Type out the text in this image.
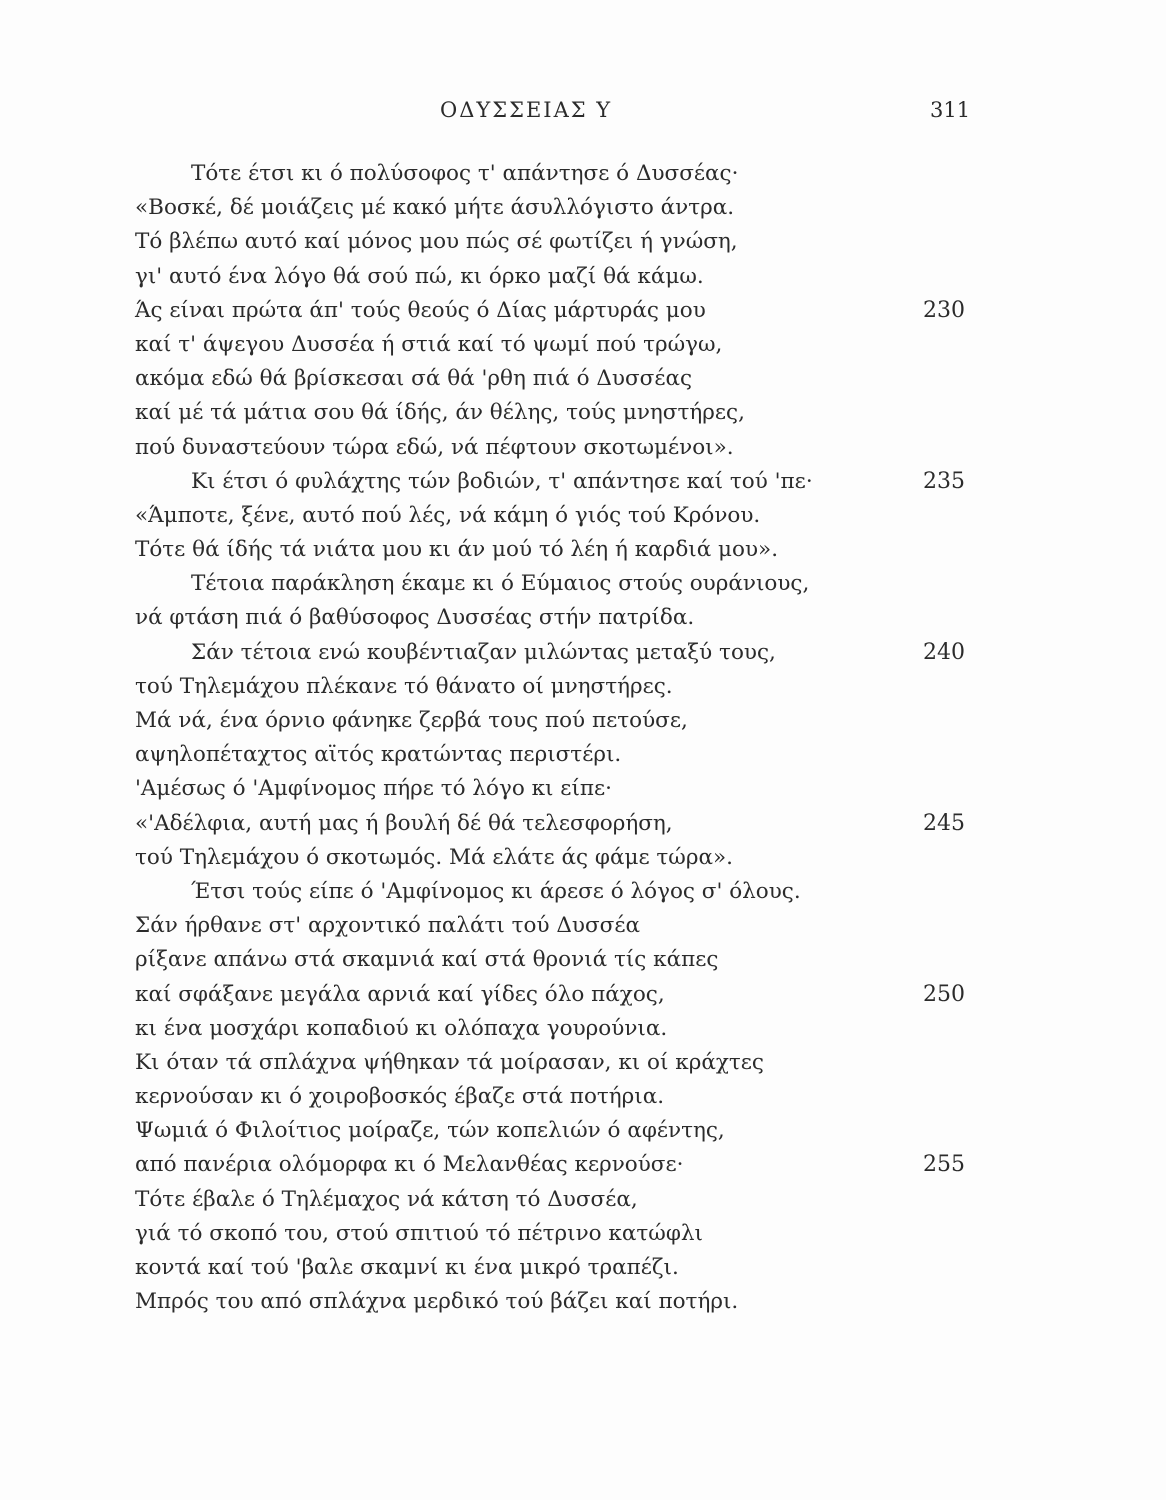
ΟΔΥΣΣΕΙΑΣ Υ	311
Τότε έτσι κι ό πολύσοφος τ' απάντησε ό Δυσσέας·
«Βοσκέ, δέ μοιάζεις μέ κακό μήτε άσυλλόγιστο άντρα.
Τό βλέπω αυτό καί μόνος μου πώς σέ φωτίζει ή γνώση,
γι' αυτό ένα λόγο θά σού πώ, κι όρκο μαζί θά κάμω.
Άς είναι πρώτα άπ' τούς θεούς ό Δίας μάρτυράς μου	230
καί τ' άψεγου Δυσσέα ή στιά καί τό ψωμί πού τρώγω,
ακόμα εδώ θά βρίσκεσαι σά θά 'ρθη πιά ό Δυσσέας
καί μέ τά μάτια σου θά ίδής, άν θέλης, τούς μνηστήρες,
πού δυναστεύουν τώρα εδώ, νά πέφτουν σκοτωμένοι».
Κι έτσι ό φυλάχτης τών βοδιών, τ' απάντησε καί τού 'πε·	235
«Άμποτε, ξένε, αυτό πού λές, νά κάμη ό γιός τού Κρόνου.
Τότε θά ίδής τά νιάτα μου κι άν μού τό λέη ή καρδιά μου».
Τέτοια παράκληση έκαμε κι ό Εύμαιος στούς ουράνιους,
νά φτάση πιά ό βαθύσοφος Δυσσέας στήν πατρίδα.
Σάν τέτοια ενώ κουβέντιαζαν μιλώντας μεταξύ τους,	240
τού Τηλεμάχου πλέκανε τό θάνατο οί μνηστήρες.
Μά νά, ένα όρνιο φάνηκε ζερβά τους πού πετούσε,
αψηλοπέταχτος αϊτός κρατώντας περιστέρι.
'Αμέσως ό 'Αμφίνομος πήρε τό λόγο κι είπε·
«'Αδέλφια, αυτή μας ή βουλή δέ θά τελεσφορήση,	245
τού Τηλεμάχου ό σκοτωμός. Μά ελάτε άς φάμε τώρα».
Έτσι τούς είπε ό 'Αμφίνομος κι άρεσε ό λόγος σ' όλους.
Σάν ήρθανε στ' αρχοντικό παλάτι τού Δυσσέα
ρίξανε απάνω στά σκαμνιά καί στά θρονιά τίς κάπες
καί σφάξανε μεγάλα αρνιά καί γίδες όλο πάχος,	250
κι ένα μοσχάρι κοπαδιού κι ολόπαχα γουρούνια.
Κι όταν τά σπλάχνα ψήθηκαν τά μοίρασαν, κι οί κράχτες
κερνούσαν κι ό χοιροβοσκός έβαζε στά ποτήρια.
Ψωμιά ό Φιλοίτιος μοίραζε, τών κοπελιών ό αφέντης,
από πανέρια ολόμορφα κι ό Μελανθέας κερνούσε·	255
Τότε έβαλε ό Τηλέμαχος νά κάτση τό Δυσσέα,
γιά τό σκοπό του, στού σπιτιού τό πέτρινο κατώφλι
κοντά καί τού 'βαλε σκαμνί κι ένα μικρό τραπέζι.
Μπρός του από σπλάχνα μερδικό τού βάζει καί ποτήρι.
